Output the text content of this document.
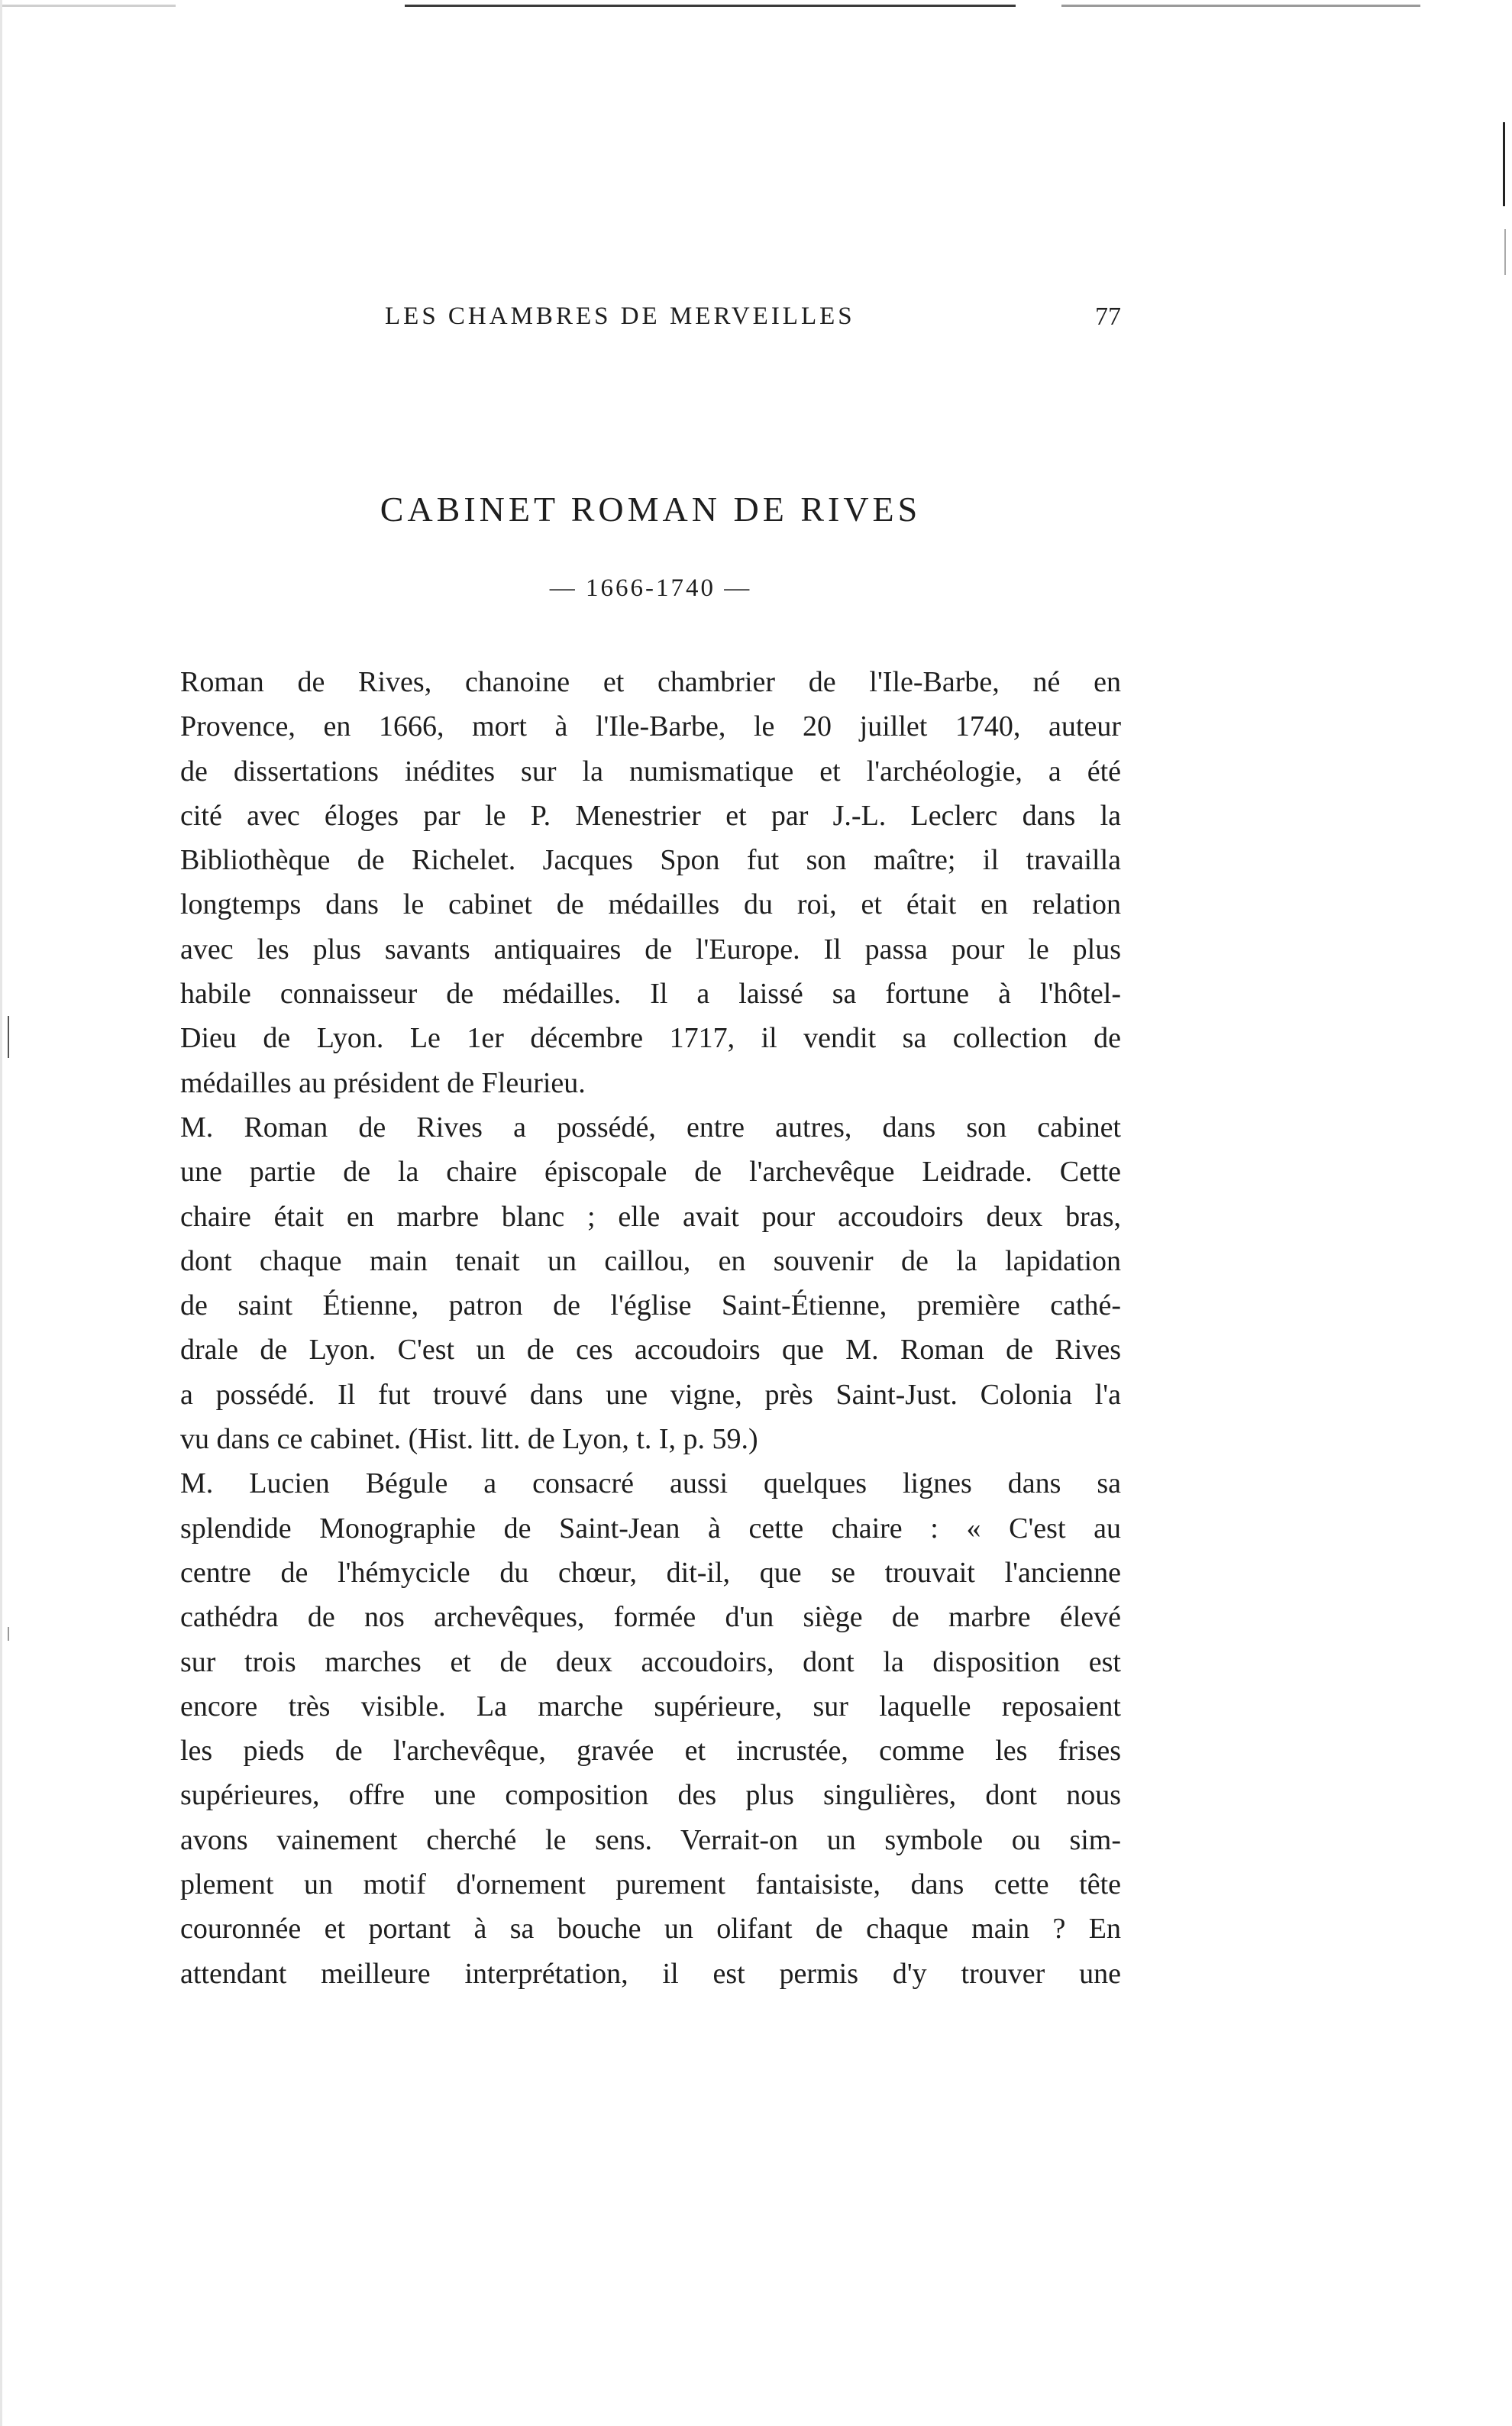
LES CHAMBRES DE MERVEILLES	77
CABINET ROMAN DE RIVES
— 1666-1740 —
Roman de Rives, chanoine et chambrier de l'Ile-Barbe, né en
Provence, en 1666, mort à l'Ile-Barbe, le 20 juillet 1740, auteur
de dissertations inédites sur la numismatique et l'archéologie, a été
cité avec éloges par le P. Menestrier et par J.-L. Leclerc dans la
Bibliothèque de Richelet. Jacques Spon fut son maître; il travailla
longtemps dans le cabinet de médailles du roi, et était en relation
avec les plus savants antiquaires de l'Europe. Il passa pour le plus
habile connaisseur de médailles. Il a laissé sa fortune à l'hôtel-
Dieu de Lyon. Le 1er décembre 1717, il vendit sa collection de
médailles au président de Fleurieu.
M. Roman de Rives a possédé, entre autres, dans son cabinet
une partie de la chaire épiscopale de l'archevêque Leidrade. Cette
chaire était en marbre blanc ; elle avait pour accoudoirs deux bras,
dont chaque main tenait un caillou, en souvenir de la lapidation
de saint Étienne, patron de l'église Saint-Étienne, première cathé-
drale de Lyon. C'est un de ces accoudoirs que M. Roman de Rives
a possédé. Il fut trouvé dans une vigne, près Saint-Just. Colonia l'a
vu dans ce cabinet. (Hist. litt. de Lyon, t. I, p. 59.)
M. Lucien Bégule a consacré aussi quelques lignes dans sa
splendide Monographie de Saint-Jean à cette chaire : « C'est au
centre de l'hémycicle du chœur, dit-il, que se trouvait l'ancienne
cathédra de nos archevêques, formée d'un siège de marbre élevé
sur trois marches et de deux accoudoirs, dont la disposition est
encore très visible. La marche supérieure, sur laquelle reposaient
les pieds de l'archevêque, gravée et incrustée, comme les frises
supérieures, offre une composition des plus singulières, dont nous
avons vainement cherché le sens. Verrait-on un symbole ou sim-
plement un motif d'ornement purement fantaisiste, dans cette tête
couronnée et portant à sa bouche un olifant de chaque main ? En
attendant meilleure interprétation, il est permis d'y trouver une
